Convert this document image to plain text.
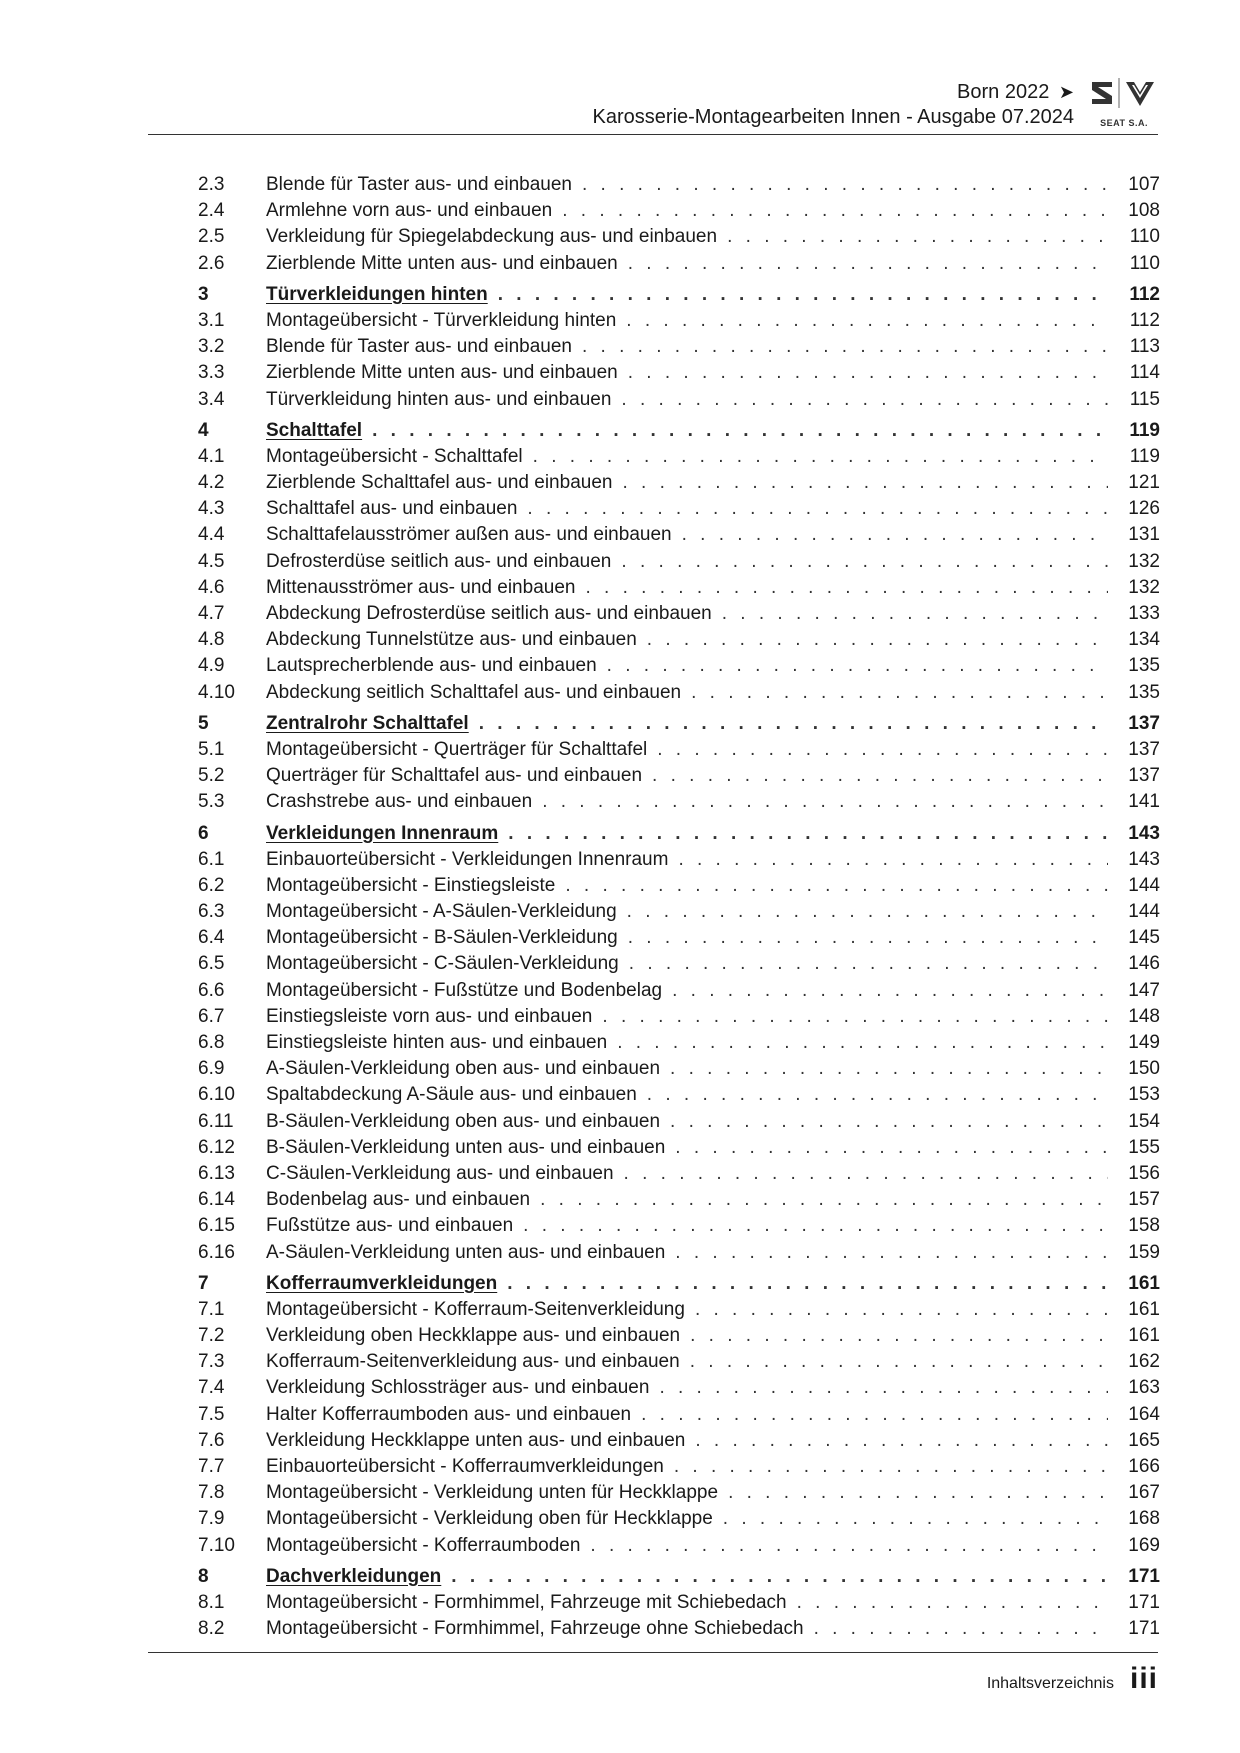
Born 2022 ➤
Karosserie-Montagearbeiten Innen - Ausgabe 07.2024	SEAT S.A.
2.3	Blende für Taster aus- und einbauen . . .	107
2.4	Armlehne vorn aus- und einbauen . . .	108
2.5	Verkleidung für Spiegelabdeckung aus- und einbauen . . .	110
2.6	Zierblende Mitte unten aus- und einbauen . . .	110
3	Türverkleidungen hinten . . .	112
3.1	Montageübersicht - Türverkleidung hinten . . .	112
3.2	Blende für Taster aus- und einbauen . . .	113
3.3	Zierblende Mitte unten aus- und einbauen . . .	114
3.4	Türverkleidung hinten aus- und einbauen . . .	115
4	Schalttafel . . .	119
4.1	Montageübersicht - Schalttafel . . .	119
4.2	Zierblende Schalttafel aus- und einbauen . . .	121
4.3	Schalttafel aus- und einbauen . . .	126
4.4	Schalttafelausströmer außen aus- und einbauen . . .	131
4.5	Defrosterdüse seitlich aus- und einbauen . . .	132
4.6	Mittenausströmer aus- und einbauen . . .	132
4.7	Abdeckung Defrosterdüse seitlich aus- und einbauen . . .	133
4.8	Abdeckung Tunnelstütze aus- und einbauen . . .	134
4.9	Lautsprecherblende aus- und einbauen . . .	135
4.10	Abdeckung seitlich Schalttafel aus- und einbauen . . .	135
5	Zentralrohr Schalttafel . . .	137
5.1	Montageübersicht - Querträger für Schalttafel . . .	137
5.2	Querträger für Schalttafel aus- und einbauen . . .	137
5.3	Crashstrebe aus- und einbauen . . .	141
6	Verkleidungen Innenraum . . .	143
6.1	Einbauorteübersicht - Verkleidungen Innenraum . . .	143
6.2	Montageübersicht - Einstiegsleiste . . .	144
6.3	Montageübersicht - A-Säulen-Verkleidung . . .	144
6.4	Montageübersicht - B-Säulen-Verkleidung . . .	145
6.5	Montageübersicht - C-Säulen-Verkleidung . . .	146
6.6	Montageübersicht - Fußstütze und Bodenbelag . . .	147
6.7	Einstiegsleiste vorn aus- und einbauen . . .	148
6.8	Einstiegsleiste hinten aus- und einbauen . . .	149
6.9	A-Säulen-Verkleidung oben aus- und einbauen . . .	150
6.10	Spaltabdeckung A-Säule aus- und einbauen . . .	153
6.11	B-Säulen-Verkleidung oben aus- und einbauen . . .	154
6.12	B-Säulen-Verkleidung unten aus- und einbauen . . .	155
6.13	C-Säulen-Verkleidung aus- und einbauen . . .	156
6.14	Bodenbelag aus- und einbauen . . .	157
6.15	Fußstütze aus- und einbauen . . .	158
6.16	A-Säulen-Verkleidung unten aus- und einbauen . . .	159
7	Kofferraumverkleidungen . . .	161
7.1	Montageübersicht - Kofferraum-Seitenverkleidung . . .	161
7.2	Verkleidung oben Heckklappe aus- und einbauen . . .	161
7.3	Kofferraum-Seitenverkleidung aus- und einbauen . . .	162
7.4	Verkleidung Schlossträger aus- und einbauen . . .	163
7.5	Halter Kofferraumboden aus- und einbauen . . .	164
7.6	Verkleidung Heckklappe unten aus- und einbauen . . .	165
7.7	Einbauorteübersicht - Kofferraumverkleidungen . . .	166
7.8	Montageübersicht - Verkleidung unten für Heckklappe . . .	167
7.9	Montageübersicht - Verkleidung oben für Heckklappe . . .	168
7.10	Montageübersicht - Kofferraumboden . . .	169
8	Dachverkleidungen . . .	171
8.1	Montageübersicht - Formhimmel, Fahrzeuge mit Schiebedach . . .	171
8.2	Montageübersicht - Formhimmel, Fahrzeuge ohne Schiebedach . . .	171
Inhaltsverzeichnis iii
